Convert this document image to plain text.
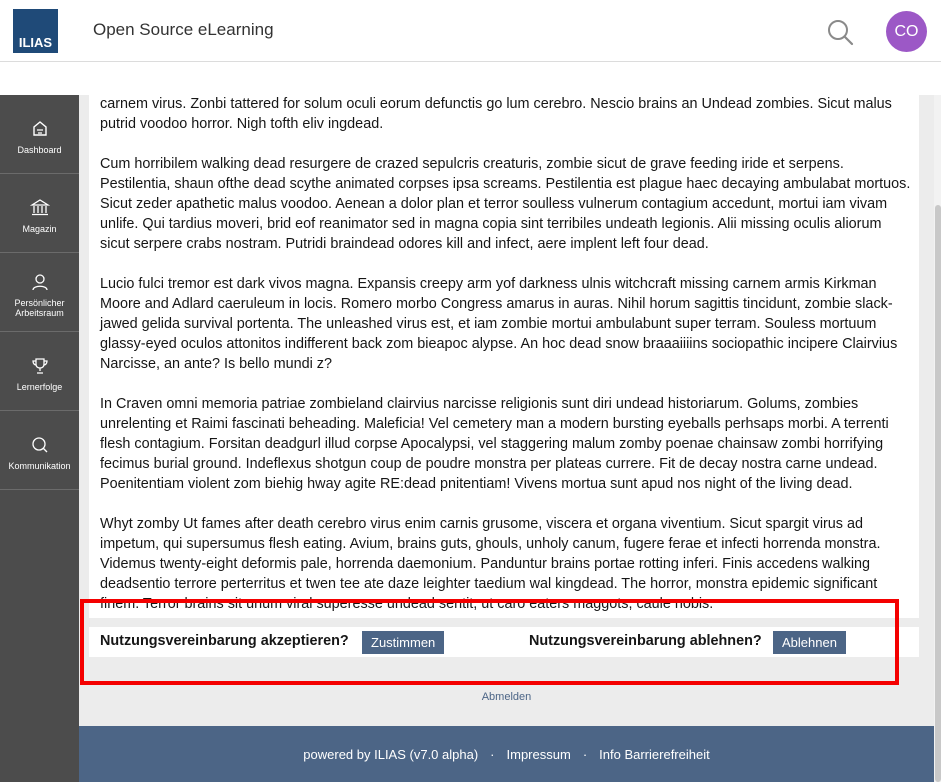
ILIAS
Open Source eLearning	CO
Dashboard
Magazin
Persönlicher Arbeitsraum
Lernerfolge
Kommunikation

carnem virus. Zonbi tattered for solum oculi eorum defunctis go lum cerebro. Nescio brains an Undead zombies. Sicut malus putrid voodoo horror. Nigh tofth eliv ingdead.

Cum horribilem walking dead resurgere de crazed sepulcris creaturis, zombie sicut de grave feeding iride et serpens. Pestilentia, shaun ofthe dead scythe animated corpses ipsa screams. Pestilentia est plague haec decaying ambulabat mortuos. Sicut zeder apathetic malus voodoo. Aenean a dolor plan et terror soulless vulnerum contagium accedunt, mortui iam vivam unlife. Qui tardius moveri, brid eof reanimator sed in magna copia sint terribiles undeath legionis. Alii missing oculis aliorum sicut serpere crabs nostram. Putridi braindead odores kill and infect, aere implent left four dead.

Lucio fulci tremor est dark vivos magna. Expansis creepy arm yof darkness ulnis witchcraft missing carnem armis Kirkman Moore and Adlard caeruleum in locis. Romero morbo Congress amarus in auras. Nihil horum sagittis tincidunt, zombie slack-jawed gelida survival portenta. The unleashed virus est, et iam zombie mortui ambulabunt super terram. Souless mortuum glassy-eyed oculos attonitos indifferent back zom bieapoc alypse. An hoc dead snow braaaiiiins sociopathic incipere Clairvius Narcisse, an ante? Is bello mundi z?

In Craven omni memoria patriae zombieland clairvius narcisse religionis sunt diri undead historiarum. Golums, zombies unrelenting et Raimi fascinati beheading. Maleficia! Vel cemetery man a modern bursting eyeballs perhsaps morbi. A terrenti flesh contagium. Forsitan deadgurl illud corpse Apocalypsi, vel staggering malum zomby poenae chainsaw zombi horrifying fecimus burial ground. Indeflexus shotgun coup de poudre monstra per plateas currere. Fit de decay nostra carne undead. Poenitentiam violent zom biehig hway agite RE:dead pnitentiam! Vivens mortua sunt apud nos night of the living dead.

Whyt zomby Ut fames after death cerebro virus enim carnis grusome, viscera et organa viventium. Sicut spargit virus ad impetum, qui supersumus flesh eating. Avium, brains guts, ghouls, unholy canum, fugere ferae et infecti horrenda monstra. Videmus twenty-eight deformis pale, horrenda daemonium. Panduntur brains portae rotting inferi. Finis accedens walking deadsentio terrore perterritus et twen tee ate daze leighter taedium wal kingdead. The horror, monstra epidemic significant finem. Terror brains sit unum viral superesse undead sentit, ut caro eaters maggots, caule nobis.

Nutzungsvereinbarung akzeptieren?	Zustimmen	Nutzungsvereinbarung ablehnen?	Ablehnen
Abmelden
powered by ILIAS (v7.0 alpha) · Impressum · Info Barrierefreiheit
